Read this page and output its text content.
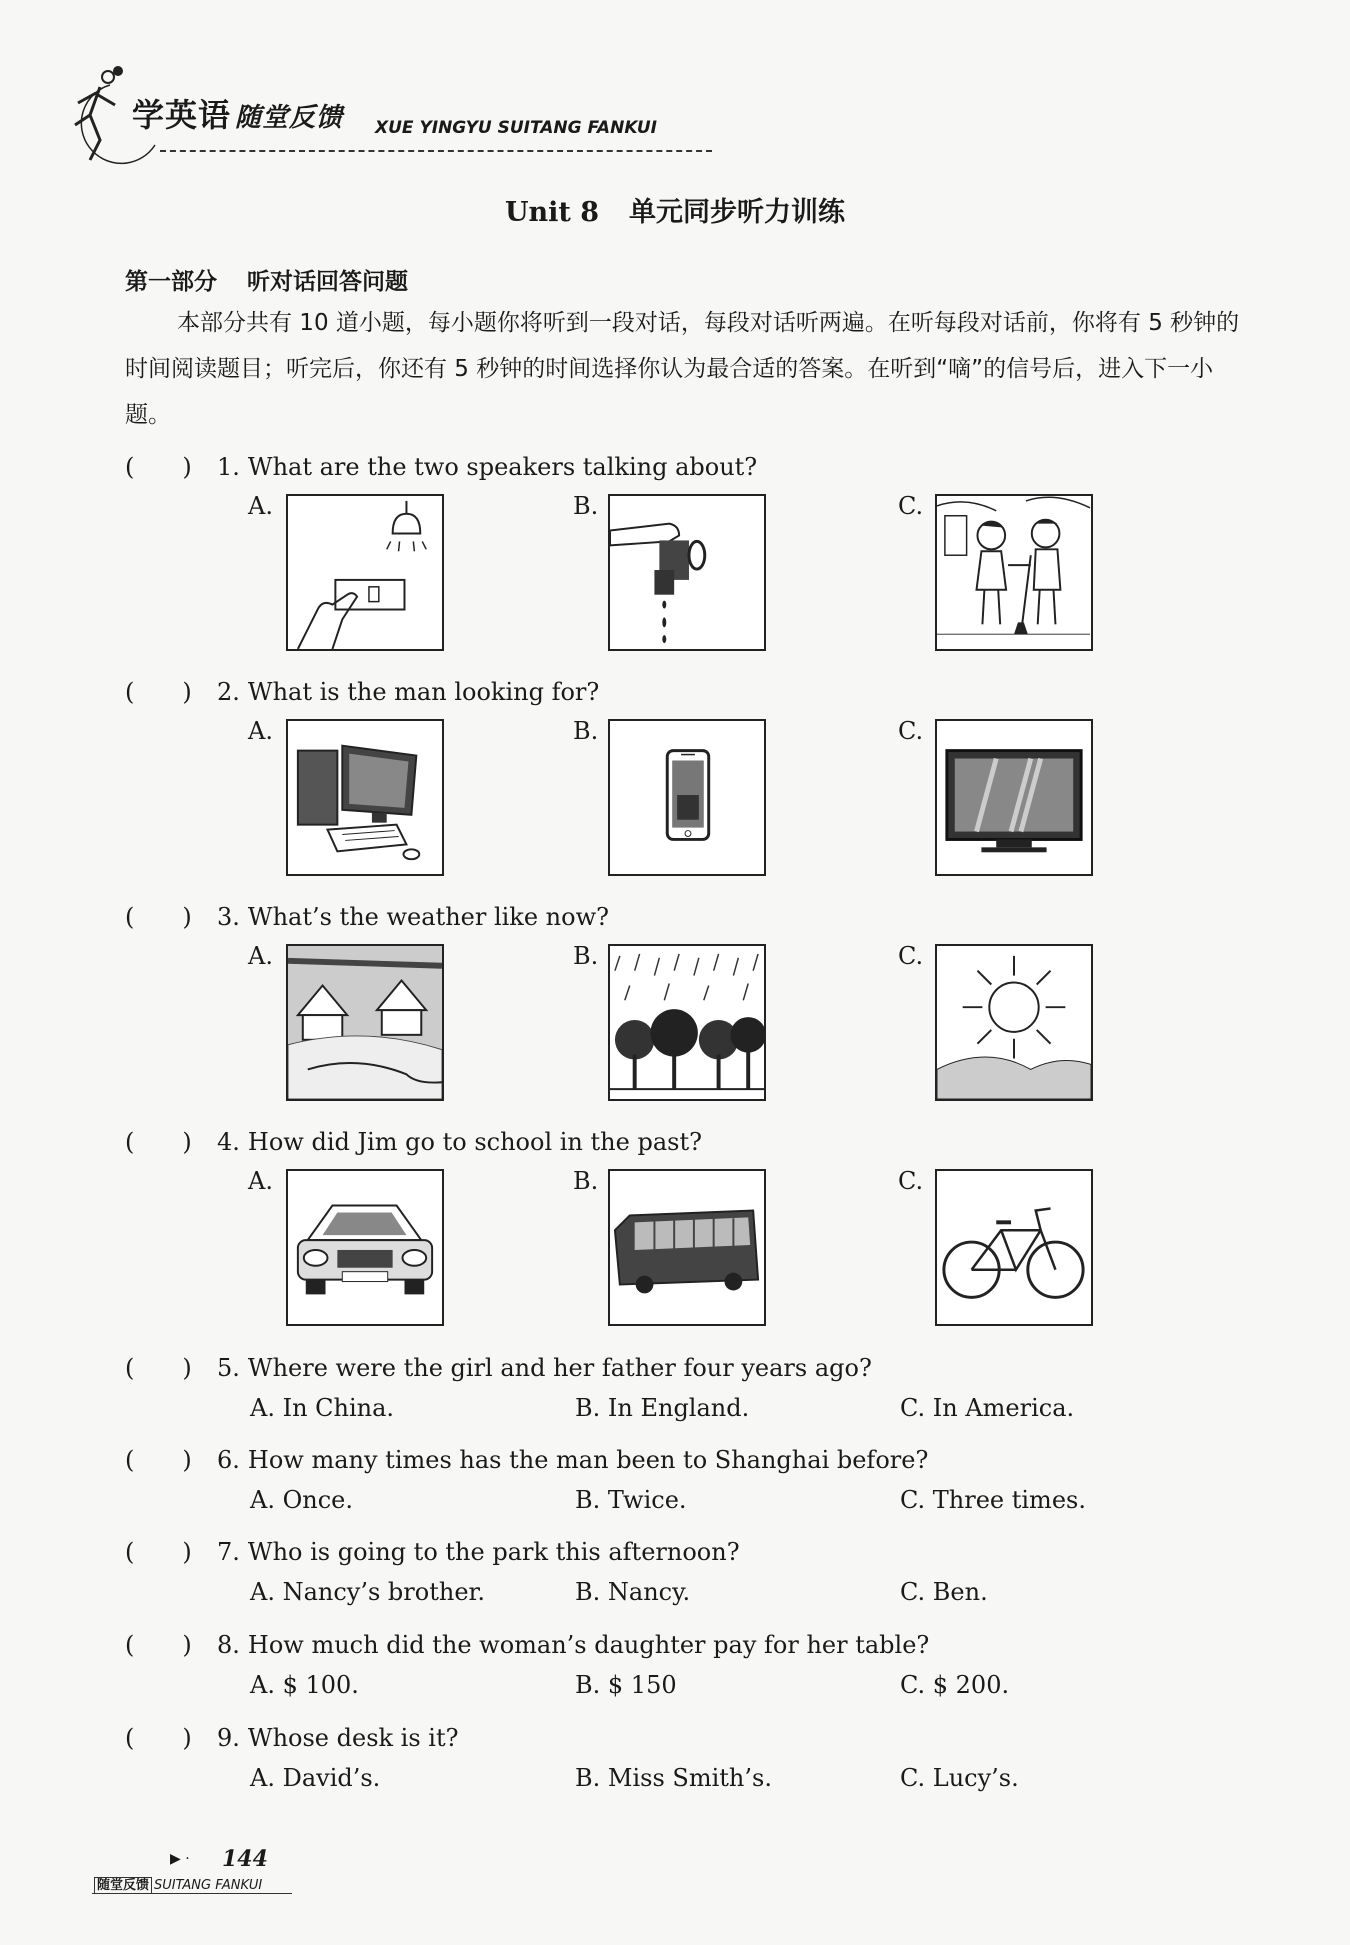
学英语 随堂反馈 XUE YINGYU SUITANG FANKUI
Unit 8 单元同步听力训练
第一部分 听对话回答问题
本部分共有 10 道小题，每小题你将听到一段对话，每段对话听两遍。在听每段对话前，你将有 5 秒钟的时间阅读题目；听完后，你还有 5 秒钟的时间选择你认为最合适的答案。在听到“嘀”的信号后，进入下一小题。
(　　) 1. What are the two speakers talking about?
A.	B.	C.
(　　) 2. What is the man looking for?
A.	B.	C.
(　　) 3. What’s the weather like now?
A.	B.	C.
(　　) 4. How did Jim go to school in the past?
A.	B.	C.
(　　) 5. Where were the girl and her father four years ago?
A. In China.	B. In England.	C. In America.
(　　) 6. How many times has the man been to Shanghai before?
A. Once.	B. Twice.	C. Three times.
(　　) 7. Who is going to the park this afternoon?
A. Nancy’s brother.	B. Nancy.	C. Ben.
(　　) 8. How much did the woman’s daughter pay for her table?
A. $ 100.	B. $ 150	C. $ 200.
(　　) 9. Whose desk is it?
A. David’s.	B. Miss Smith’s.	C. Lucy’s.
▶ · 144
随堂反馈 SUITANG FANKUI
